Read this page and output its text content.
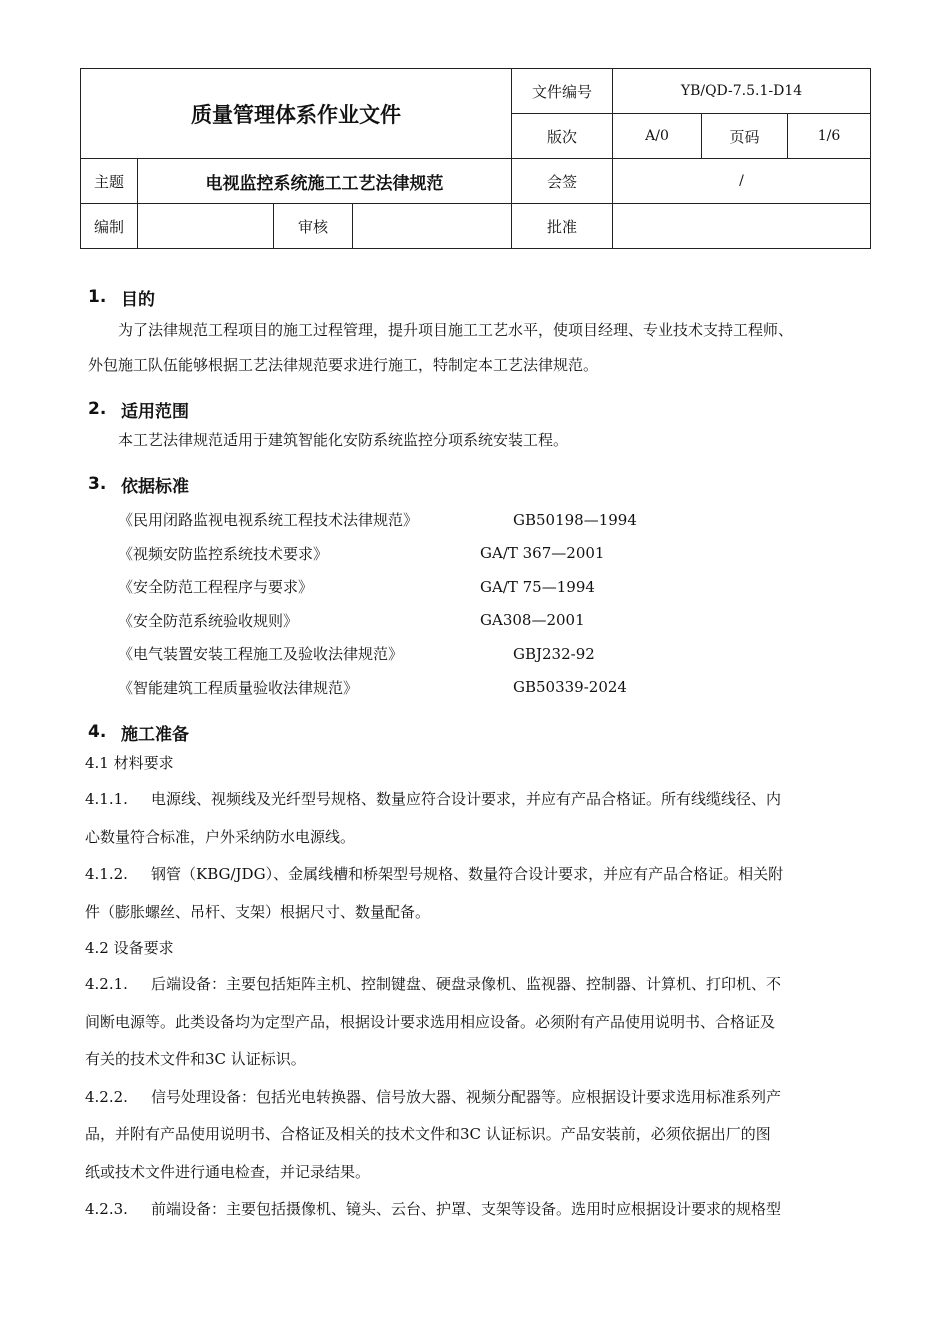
质量管理体系作业文件				文件编号	YB/QD-7.5.1-D14		
				版次	A/0	页码	1/6
主题	电视监控系统施工工艺法律规范			会签	/		
编制		审核		批准			
1. 目的

为了法律规范工程项目的施工过程管理，提升项目施工工艺水平，使项目经理、专业技术支持工程师、

外包施工队伍能够根据工艺法律规范要求进行施工，特制定本工艺法律规范。

2. 适用范围

本工艺法律规范适用于建筑智能化安防系统监控分项系统安装工程。

3. 依据标准
《民用闭路监视电视系统工程技术法律规范》	GB50198—1994
《视频安防监控系统技术要求》	GA/T 367—2001
《安全防范工程程序与要求》	GA/T 75—1994
《安全防范系统验收规则》	GA308—2001
《电气装置安装工程施工及验收法律规范》	GBJ232-92
《智能建筑工程质量验收法律规范》	GB50339-2024
4. 施工准备

4.1 材料要求

4.1.1. 电源线、视频线及光纤型号规格、数量应符合设计要求，并应有产品合格证。所有线缆线径、内

心数量符合标准，户外采纳防水电源线。

4.1.2. 钢管（KBG/JDG）、金属线槽和桥架型号规格、数量符合设计要求，并应有产品合格证。相关附

件（膨胀螺丝、吊杆、支架）根据尺寸、数量配备。

4.2 设备要求

4.2.1. 后端设备：主要包括矩阵主机、控制键盘、硬盘录像机、监视器、控制器、计算机、打印机、不

间断电源等。此类设备均为定型产品，根据设计要求选用相应设备。必须附有产品使用说明书、合格证及

有关的技术文件和3C 认证标识。

4.2.2. 信号处理设备：包括光电转换器、信号放大器、视频分配器等。应根据设计要求选用标准系列产

品，并附有产品使用说明书、合格证及相关的技术文件和3C 认证标识。产品安装前，必须依据出厂的图

纸或技术文件进行通电检查，并记录结果。

4.2.3. 前端设备：主要包括摄像机、镜头、云台、护罩、支架等设备。选用时应根据设计要求的规格型
